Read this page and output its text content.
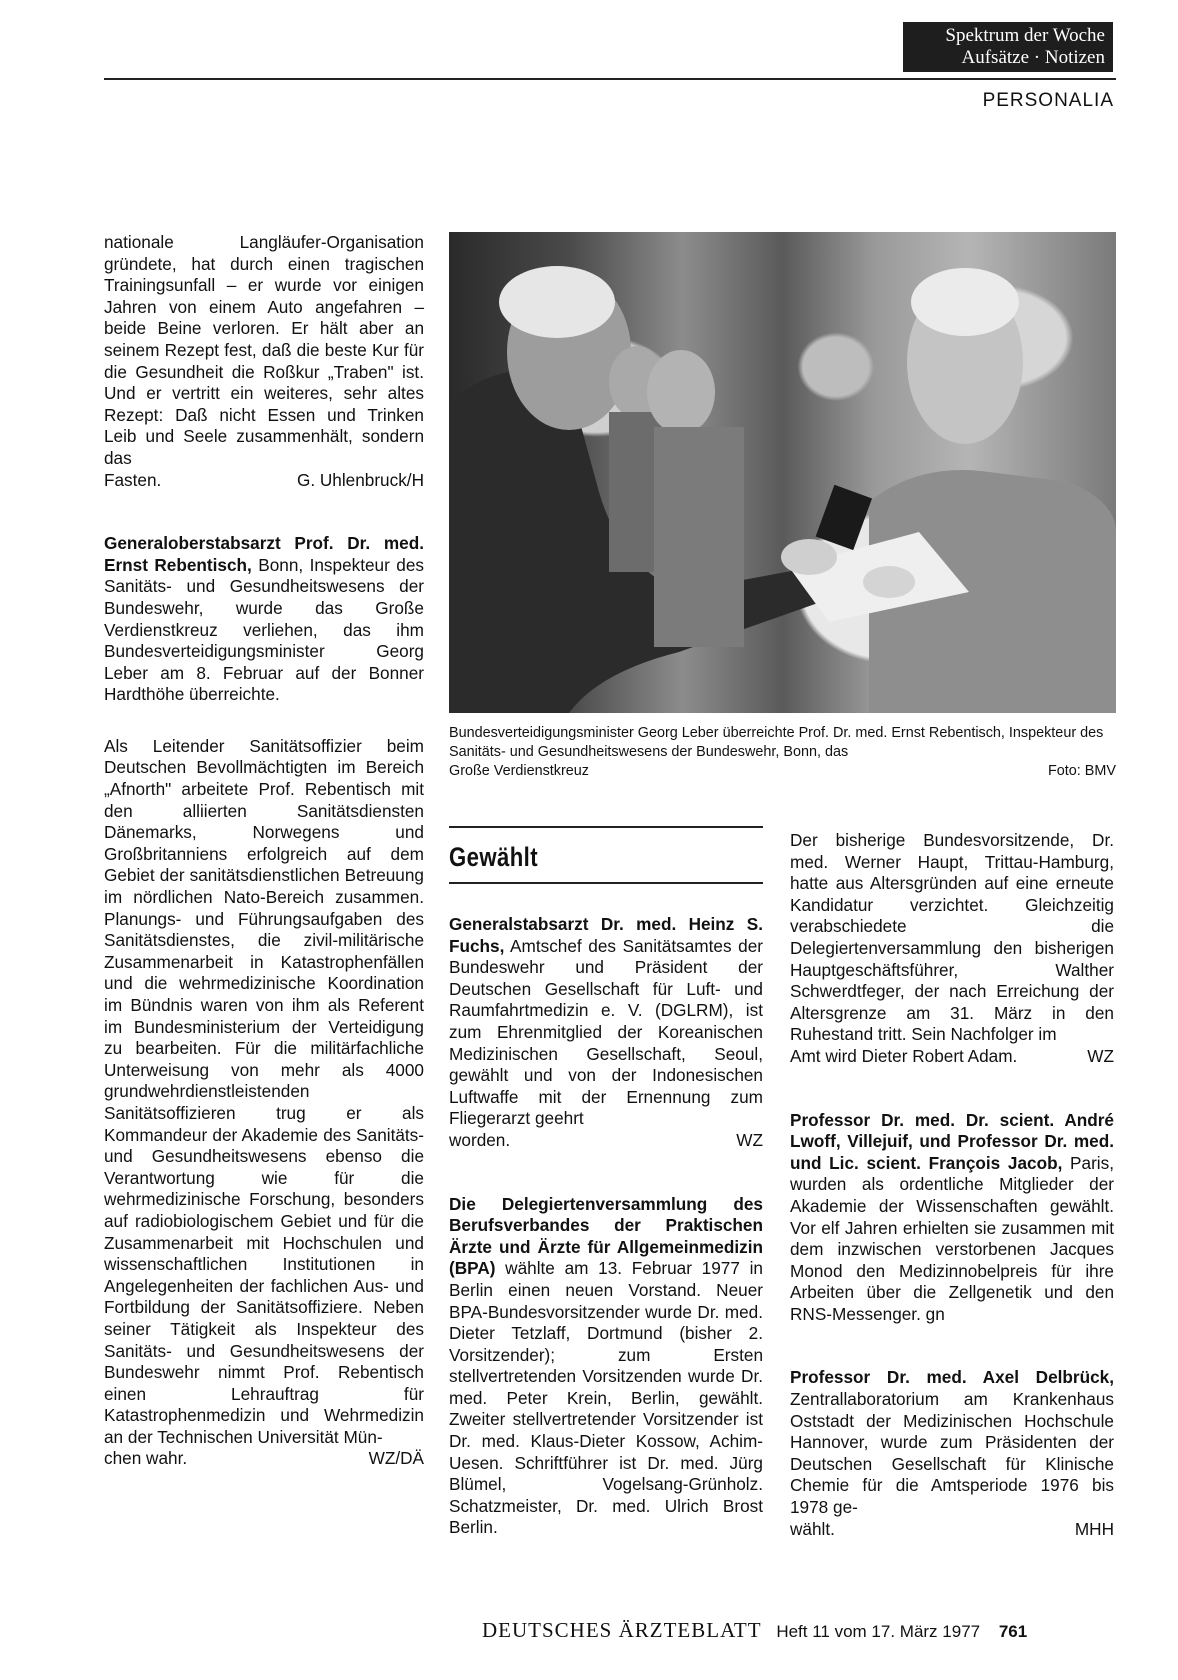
Spektrum der Woche
Aufsätze · Notizen
PERSONALIA

nationale Langläufer-Organisation gründete, hat durch einen tragischen Trainingsunfall – er wurde vor einigen Jahren von einem Auto angefahren – beide Beine verloren. Er hält aber an seinem Rezept fest, daß die beste Kur für die Gesundheit die Roßkur „Traben" ist. Und er vertritt ein weiteres, sehr altes Rezept: Daß nicht Essen und Trinken Leib und Seele zusammenhält, sondern das

Fasten.	G. Uhlenbruck/H

Generaloberstabsarzt Prof. Dr. med. Ernst Rebentisch, Bonn, Inspekteur des Sanitäts- und Gesundheitswesens der Bundeswehr, wurde das Große Verdienstkreuz verliehen, das ihm Bundesverteidigungsminister Georg Leber am 8. Februar auf der Bonner Hardthöhe überreichte.

Als Leitender Sanitätsoffizier beim Deutschen Bevollmächtigten im Bereich „Afnorth" arbeitete Prof. Rebentisch mit den alliierten Sanitätsdiensten Dänemarks, Norwegens und Großbritanniens erfolgreich auf dem Gebiet der sanitätsdienstlichen Betreuung im nördlichen Nato-Bereich zusammen. Planungs- und Führungsaufgaben des Sanitätsdienstes, die zivil-militärische Zusammenarbeit in Katastrophenfällen und die wehrmedizinische Koordination im Bündnis waren von ihm als Referent im Bundesministerium der Verteidigung zu bearbeiten. Für die militärfachliche Unterweisung von mehr als 4000 grundwehrdienstleistenden Sanitätsoffizieren trug er als Kommandeur der Akademie des Sanitäts- und Gesundheitswesens ebenso die Verantwortung wie für die wehrmedizinische Forschung, besonders auf radiobiologischem Gebiet und für die Zusammenarbeit mit Hochschulen und wissenschaftlichen Institutionen in Angelegenheiten der fachlichen Aus- und Fortbildung der Sanitätsoffiziere. Neben seiner Tätigkeit als Inspekteur des Sanitäts- und Gesundheitswesens der Bundeswehr nimmt Prof. Rebentisch einen Lehrauftrag für Katastrophenmedizin und Wehrmedizin an der Technischen Universität Mün-

chen wahr.	WZ/DÄ

Bundesverteidigungsminister Georg Leber überreichte Prof. Dr. med. Ernst Rebentisch, Inspekteur des Sanitäts- und Gesundheitswesens der Bundeswehr, Bonn, das
Große Verdienstkreuz	Foto: BMV
Gewählt

Generalstabsarzt Dr. med. Heinz S. Fuchs, Amtschef des Sanitätsamtes der Bundeswehr und Präsident der Deutschen Gesellschaft für Luft- und Raumfahrtmedizin e. V. (DGLRM), ist zum Ehrenmitglied der Koreanischen Medizinischen Gesellschaft, Seoul, gewählt und von der Indonesischen Luftwaffe mit der Ernennung zum Fliegerarzt geehrt

worden.	WZ

Die Delegiertenversammlung des Berufsverbandes der Praktischen Ärzte und Ärzte für Allgemeinmedizin (BPA) wählte am 13. Februar 1977 in Berlin einen neuen Vorstand. Neuer BPA-Bundesvorsitzender wurde Dr. med. Dieter Tetzlaff, Dortmund (bisher 2. Vorsitzender); zum Ersten stellvertretenden Vorsitzenden wurde Dr. med. Peter Krein, Berlin, gewählt. Zweiter stellvertretender Vorsitzender ist Dr. med. Klaus-Dieter Kossow, Achim-Uesen. Schriftführer ist Dr. med. Jürg Blümel, Vogelsang-Grünholz. Schatzmeister, Dr. med. Ulrich Brost Berlin.

Der bisherige Bundesvorsitzende, Dr. med. Werner Haupt, Trittau-Hamburg, hatte aus Altersgründen auf eine erneute Kandidatur verzichtet. Gleichzeitig verabschiedete die Delegiertenversammlung den bisherigen Hauptgeschäftsführer, Walther Schwerdtfeger, der nach Erreichung der Altersgrenze am 31. März in den Ruhestand tritt. Sein Nachfolger im

Amt wird Dieter Robert Adam.	WZ

Professor Dr. med. Dr. scient. André Lwoff, Villejuif, und Professor Dr. med. und Lic. scient. François Jacob, Paris, wurden als ordentliche Mitglieder der Akademie der Wissenschaften gewählt. Vor elf Jahren erhielten sie zusammen mit dem inzwischen verstorbenen Jacques Monod den Medizinnobelpreis für ihre Arbeiten über die Zellgenetik und den RNS-Messenger. gn

Professor Dr. med. Axel Delbrück, Zentrallaboratorium am Krankenhaus Oststadt der Medizinischen Hochschule Hannover, wurde zum Präsidenten der Deutschen Gesellschaft für Klinische Chemie für die Amtsperiode 1976 bis 1978 ge-

wählt.	MHH

DEUTSCHES ÄRZTEBLATT Heft 11 vom 17. März 1977 761
